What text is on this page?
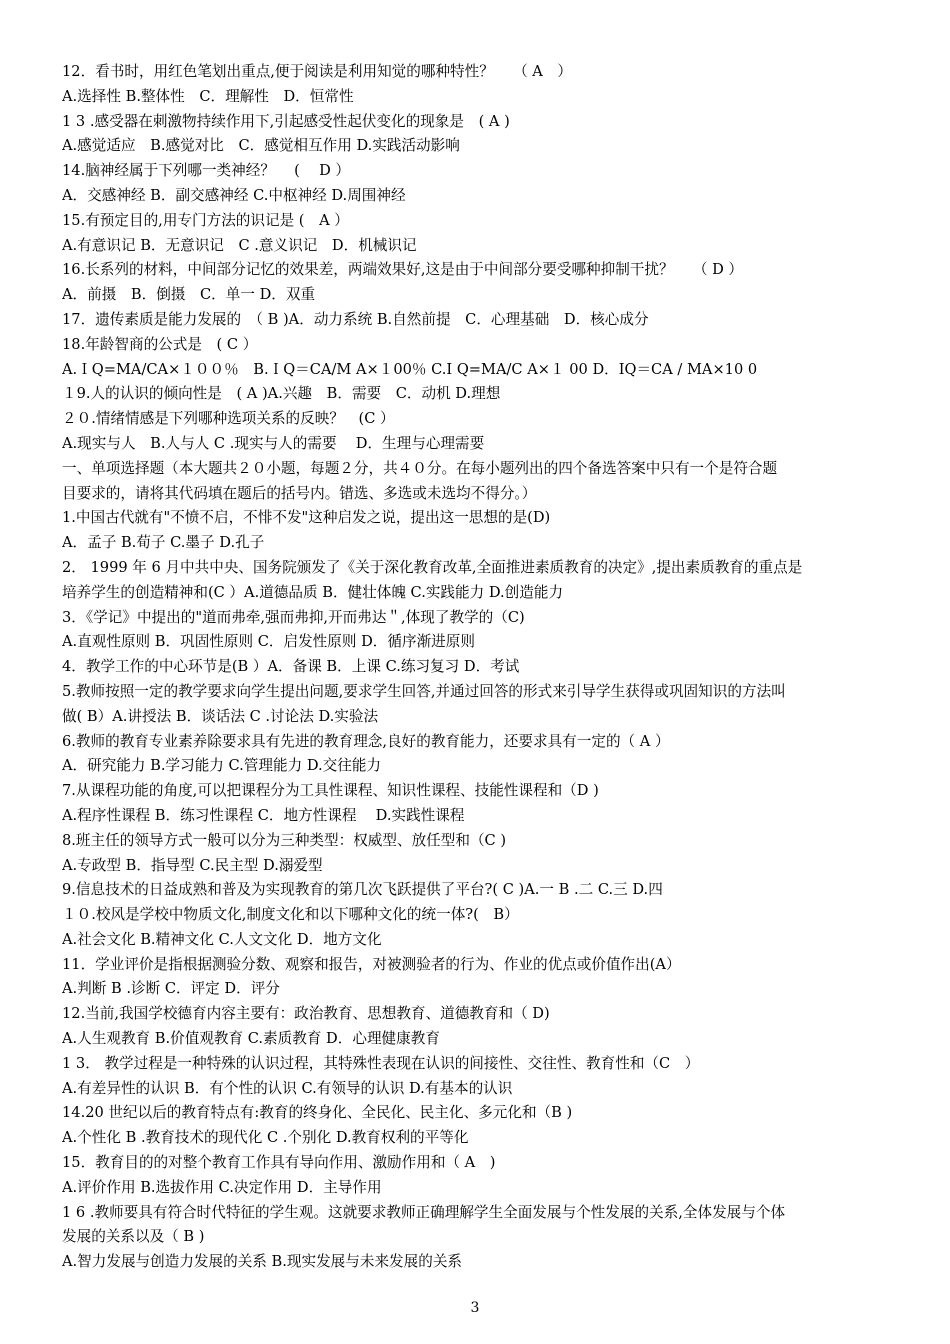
12．看书时，用红色笔划出重点,便于阅读是利用知觉的哪种特性？　 （ A　）
A.选择性 B.整体性　C．理解性　D．恒常性
1 3 .感受器在刺激物持续作用下,引起感受性起伏变化的现象是　( A )
A.感觉适应　B.感觉对比　C．感觉相互作用 D.实践活动影响
14.脑神经属于下列哪一类神经？　 (　 D ）
A．交感神经 B．副交感神经 C.中枢神经 D.周围神经
15.有预定目的,用专门方法的识记是 (　A ）
A.有意识记 B．无意识记　C .意义识记　D．机械识记
16.长系列的材料，中间部分记忆的效果差，两端效果好,这是由于中间部分要受哪种抑制干扰？　 （ D ）
A．前摄　B．倒摄　C．单一 D．双重
17．遗传素质是能力发展的　（ B )A．动力系统 B.自然前提　C．心理基础　D．核心成分
18.年龄智商的公式是　( C ）
A.ＩQ=MA/CA×１００％　B.ＩQ＝CA/M A×１00％ C.I Q=MA/C A×１ 00 D．IQ＝CA / MA×10 0
１9.人的认识的倾向性是　( A )A.兴趣　B．需要　C．动机 D.理想
２０.情绪情感是下列哪种选项关系的反映？　(C ）
A.现实与人　B.人与人 C .现实与人的需要　 D．生理与心理需要
一、单项选择题（本大题共２０小题，每题２分，共４０分。在每小题列出的四个备选答案中只有一个是符合题
目要求的，请将其代码填在题后的括号内。错选、多选或未选均不得分。）
1.中国古代就有"不愤不启，不悱不发"这种启发之说，提出这一思想的是(D)
A．孟子 B.荀子 C.墨子 D.孔子
2． 1999 年 6 月中共中央、国务院颁发了《关于深化教育改革,全面推进素质教育的决定》,提出素质教育的重点是
培养学生的创造精神和(C ）A.道德品质 B．健壮体魄 C.实践能力 D.创造能力
3．《学记》中提出的"道而弗牵,强而弗抑,开而弗达＂,体现了教学的（C)
A.直观性原则 B．巩固性原则 C．启发性原则 D．循序渐进原则
4．教学工作的中心环节是(B ）A．备课 B．上课 C.练习复习 D．考试
5.教师按照一定的教学要求向学生提出问题,要求学生回答,并通过回答的形式来引导学生获得或巩固知识的方法叫
做( B）A.讲授法 B．谈话法 C .讨论法 D.实验法
6.教师的教育专业素养除要求具有先进的教育理念,良好的教育能力，还要求具有一定的（ A ）
A．研究能力 B.学习能力 C.管理能力 D.交往能力
7.从课程功能的角度,可以把课程分为工具性课程、知识性课程、技能性课程和（D )
A.程序性课程 B．练习性课程 C．地方性课程　 D.实践性课程
8.班主任的领导方式一般可以分为三种类型：权威型、放任型和（C )
A.专政型 B．指导型 C.民主型 D.溺爱型
9.信息技术的日益成熟和普及为实现教育的第几次飞跃提供了平台?( C )A.一 B .二 C.三 D.四
１０.校风是学校中物质文化,制度文化和以下哪种文化的统一体?(　B）
A.社会文化 B.精神文化 C.人文文化 D．地方文化
11．学业评价是指根据测验分数、观察和报告，对被测验者的行为、作业的优点或价值作出(A）
A.判断 B .诊断 C．评定 D．评分
12.当前,我国学校德育内容主要有：政治教育、思想教育、道德教育和（ D)
A.人生观教育 B.价值观教育 C.素质教育 D．心理健康教育
1 3． 教学过程是一种特殊的认识过程，其特殊性表现在认识的间接性、交往性、教育性和（C　）
A.有差异性的认识 B．有个性的认识 C.有领导的认识 D.有基本的认识
14.20 世纪以后的教育特点有:教育的终身化、全民化、民主化、多元化和（B )
A.个性化 B .教育技术的现代化 C .个别化 D.教育权利的平等化
15．教育目的的对整个教育工作具有导向作用、激励作用和（ A　)
A.评价作用 B.选拔作用 C.决定作用 D．主导作用
1 6 .教师要具有符合时代特征的学生观。这就要求教师正确理解学生全面发展与个性发展的关系,全体发展与个体
发展的关系以及（ B )
A.智力发展与创造力发展的关系 B.现实发展与未来发展的关系
3
